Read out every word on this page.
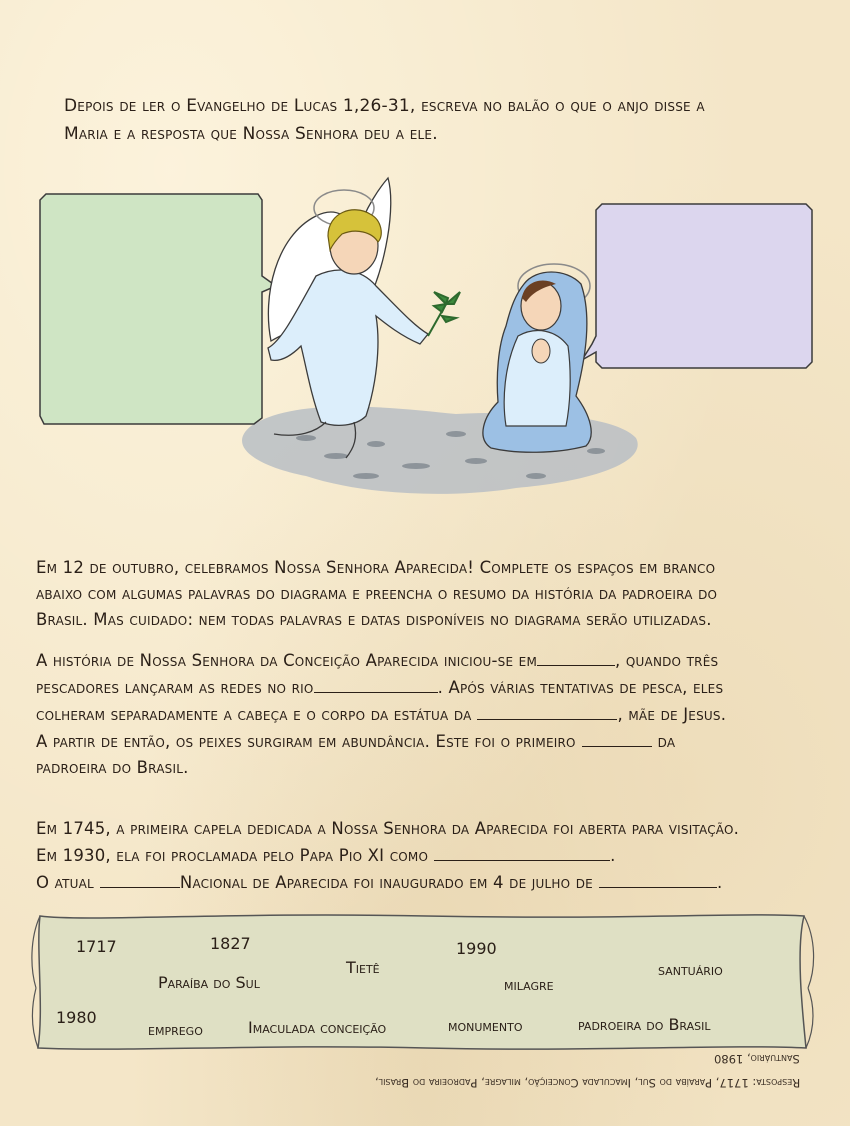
Depois de ler o Evangelho de Lucas 1,26-31, escreva no balão o que o anjo disse a
Maria e a resposta que Nossa Senhora deu a ele.

Em 12 de outubro, celebramos Nossa Senhora Aparecida! Complete os espaços em branco
abaixo com algumas palavras do diagrama e preencha o resumo da história da padroeira do
Brasil. Mas cuidado: nem todas palavras e datas disponíveis no diagrama serão utilizadas.

A história de Nossa Senhora da Conceição Aparecida iniciou-se em	, quando três
pescadores lançaram as redes no rio	. Após várias tentativas de pesca, eles
colheram separadamente a cabeça e o corpo da estátua da	, mãe de Jesus.
A partir de então, os peixes surgiram em abundância. Este foi o primeiro	da
padroeira do Brasil.

Em 1745, a primeira capela dedicada a Nossa Senhora da Aparecida foi aberta para visitação.
Em 1930, ela foi proclamada pelo Papa Pio XI como	.
O atual	Nacional de Aparecida foi inaugurado em 4 de julho de	.

1717	1827	1990
Tietê	santuário
Paraíba do Sul	milagre
1980
emprego	Imaculada conceição	monumento	padroeira do Brasil
Resposta: 1717, Paraíba do Sul, Imaculada Conceição, milagre, Padroeira do Brasil,
Santuário, 1980
